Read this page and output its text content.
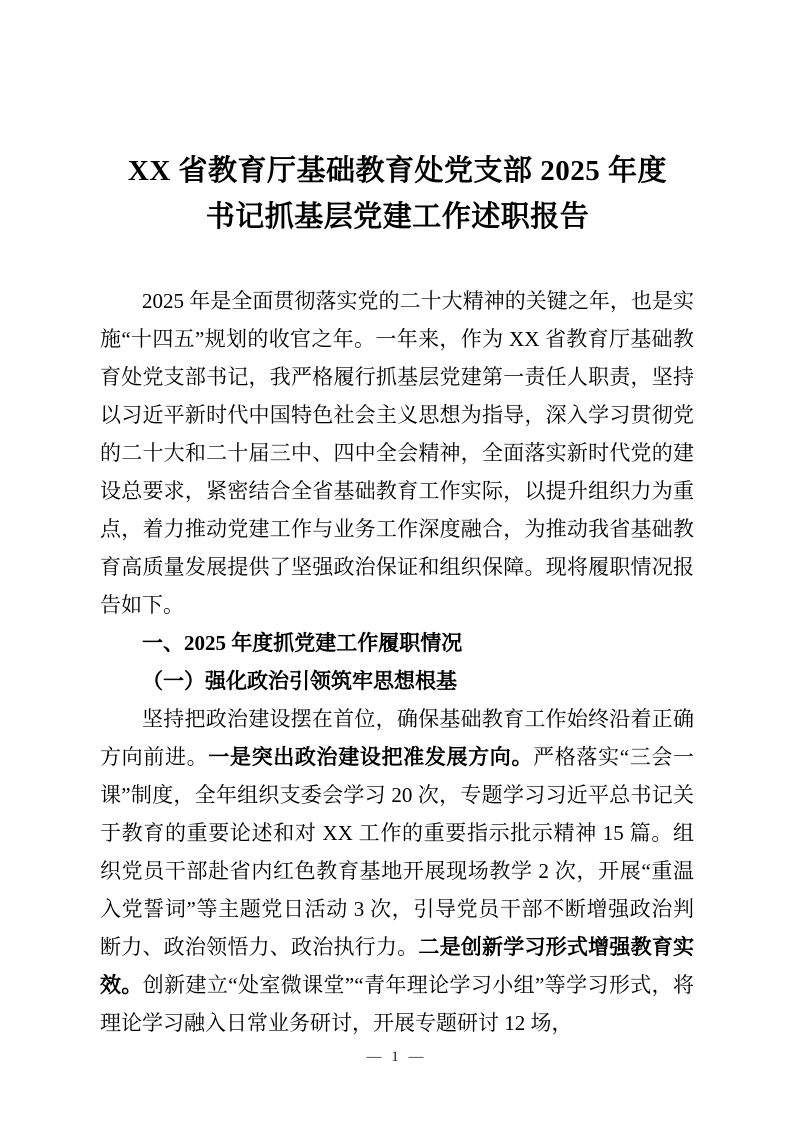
XX 省教育厅基础教育处党支部 2025 年度
书记抓基层党建工作述职报告

2025 年是全面贯彻落实党的二十大精神的关键之年，也是实施“十四五”规划的收官之年。一年来，作为 XX 省教育厅基础教育处党支部书记，我严格履行抓基层党建第一责任人职责，坚持以习近平新时代中国特色社会主义思想为指导，深入学习贯彻党的二十大和二十届三中、四中全会精神，全面落实新时代党的建设总要求，紧密结合全省基础教育工作实际，以提升组织力为重点，着力推动党建工作与业务工作深度融合，为推动我省基础教育高质量发展提供了坚强政治保证和组织保障。现将履职情况报告如下。

一、2025 年度抓党建工作履职情况

（一）强化政治引领筑牢思想根基

坚持把政治建设摆在首位，确保基础教育工作始终沿着正确方向前进。一是突出政治建设把准发展方向。严格落实“三会一课”制度，全年组织支委会学习 20 次，专题学习习近平总书记关于教育的重要论述和对 XX 工作的重要指示批示精神 15 篇。组织党员干部赴省内红色教育基地开展现场教学 2 次，开展“重温入党誓词”等主题党日活动 3 次，引导党员干部不断增强政治判断力、政治领悟力、政治执行力。二是创新学习形式增强教育实效。创新建立“处室微课堂”“青年理论学习小组”等学习形式，将理论学习融入日常业务研讨，开展专题研讨 12 场，

— 1 —
